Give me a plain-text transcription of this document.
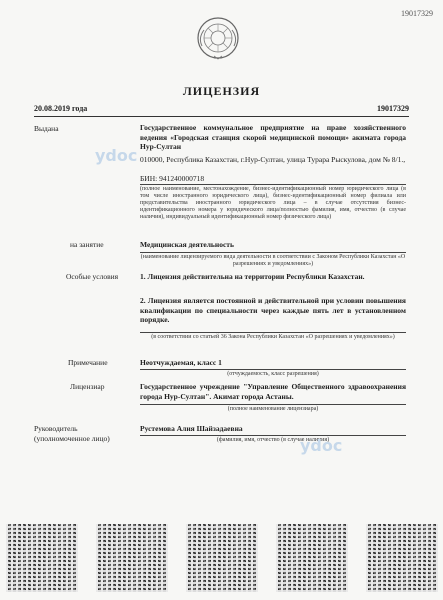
19017329
ЛИЦЕНЗИЯ
20.08.2019 года	19017329
Выдана	Государственное коммунальное предприятие на праве хозяйственного ведения «Городская станция скорой медицинской помощи» акимата города Нур-Султан
010000, Республика Казахстан, г.Нур-Султан, улица Турара Рыскулова, дом № 8/1.,
БИН: 941240000718
(полное наименование, местонахождение, бизнес-идентификационный номер юридического лица (в том числе иностранного юридического лица), бизнес-идентификационный номер филиала или представительства иностранного юридического лица – в случае отсутствия бизнес-идентификационного номера у юридического лица/полностью фамилия, имя, отчество (в случае наличия), индивидуальный идентификационный номер физического лица)
на занятие	Медицинская деятельность
(наименование лицензируемого вида деятельности в соответствии с Законом Республики Казахстан «О разрешениях и уведомлениях»)
Особые условия	1. Лицензия действительна на территории Республики Казахстан.
2. Лицензия является постоянной и действительной при условии повышения квалификации по специальности через каждые пять лет в установленном порядке.
(в соответствии со статьей 36 Закона Республики Казахстан «О разрешениях и уведомлениях»)
Примечание	Неотчуждаемая, класс 1
(отчуждаемость, класс разрешения)
Лицензиар	Государственное учреждение "Управление Общественного здравоохранения города Нур-Султан". Акимат города Астаны.
(полное наименование лицензиара)
Руководитель
(уполномоченное лицо)
Рустемова Алия Шайзадаевна
(фамилия, имя, отчество (в случае наличия)
ydoc
ydoc
